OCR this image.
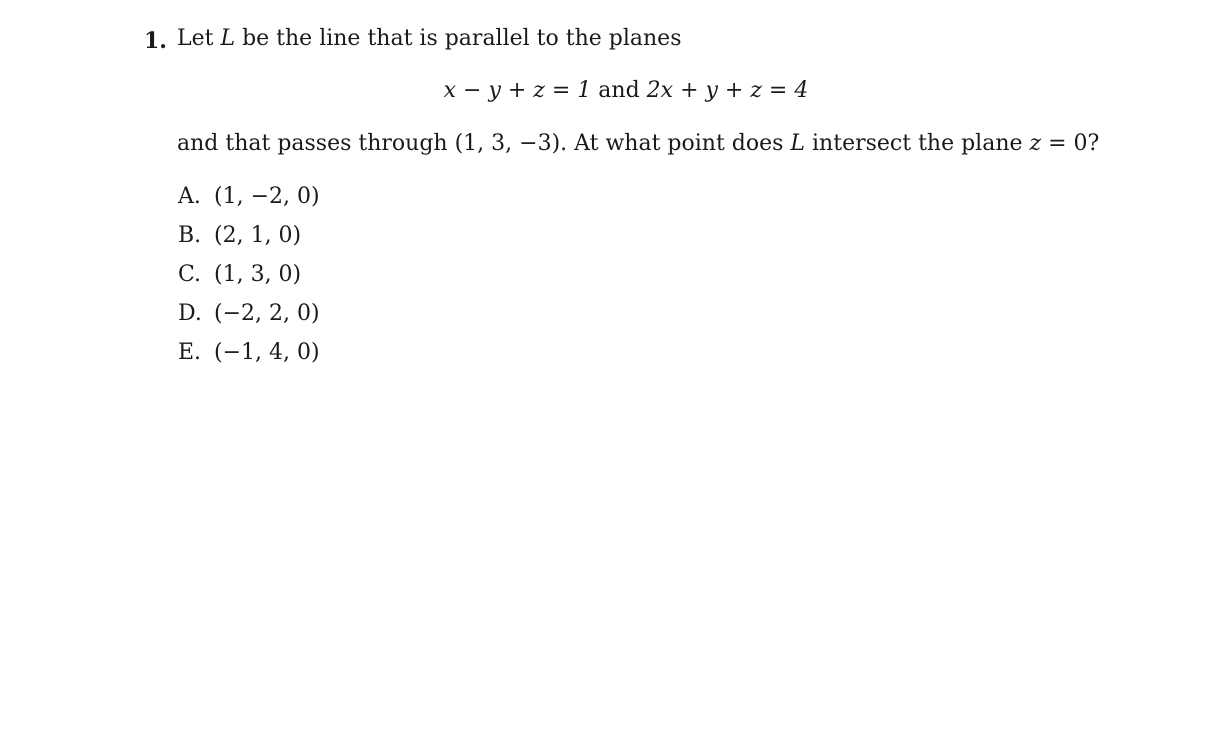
1. Let L be the line that is parallel to the planes
x − y + z = 1 and 2x + y + z = 4
and that passes through (1, 3, −3). At what point does L intersect the plane z = 0?
A. (1, −2, 0)
B. (2, 1, 0)
C. (1, 3, 0)
D. (−2, 2, 0)
E. (−1, 4, 0)
